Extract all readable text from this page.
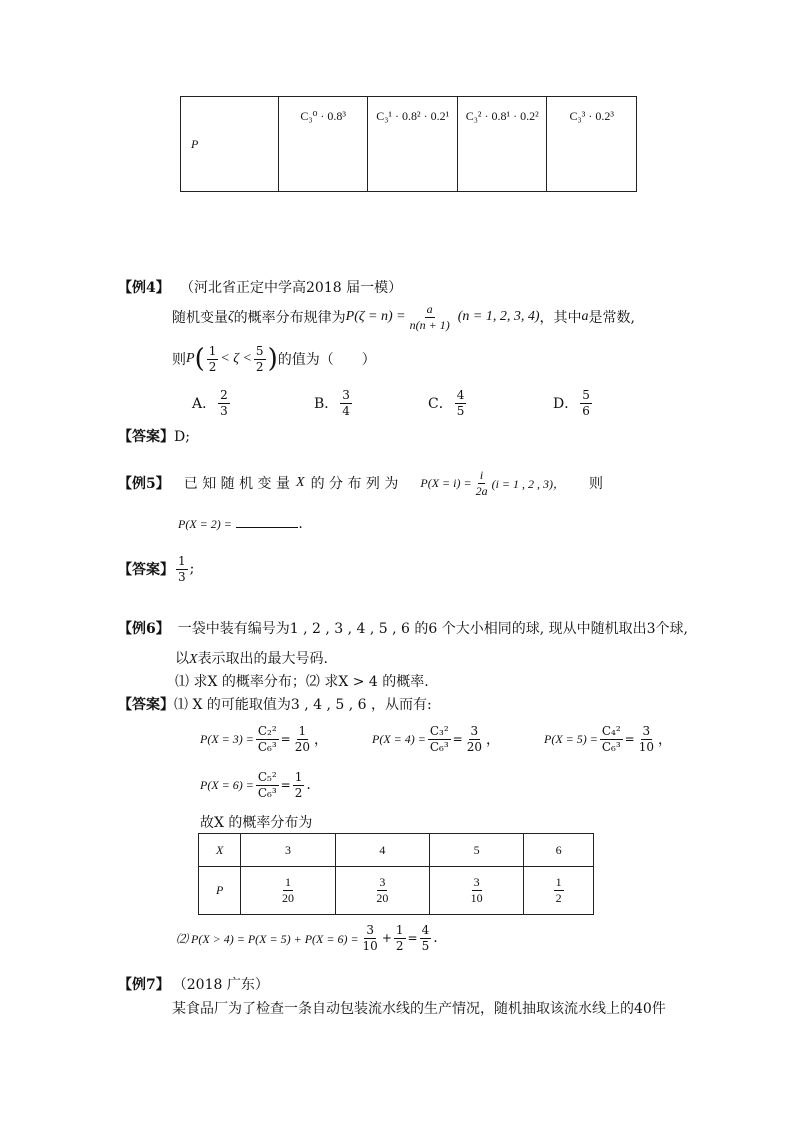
P	C₃⁰ · 0.8³	C₃¹ · 0.8² · 0.2¹	C₃² · 0.8¹ · 0.2²	C₃³ · 0.2³
【例4】 （河北省正定中学高2018 届一模）
随机变量 ζ 的概率分布规律为 $P(\zeta = n) = \frac{a}{n(n + 1)} (n = 1$, 2, 3, 4) ，其中 a 是常数,
则 P ( $\frac{1}{2} < \zeta < \frac{5}{2}$ ) 的值为（　　）
A． $\frac{2}{3}$	B． $\frac{3}{4}$	C． $\frac{4}{5}$	D． $\frac{5}{6}$
【答案】D;
【例5】 已 知 随 机 变 量 X 的 分 布 列 为 $P(X = i) = \frac{i}{2a} (i = 1$ , 2 , 3)， 则
P(X = 2) =	.
【答案】 $\frac{1}{3}$ ;
【例6】 一袋中装有编号为1 , 2 , 3 , 4 , 5 , 6 的6 个大小相同的球, 现从中随机取出3个球,
以X表示取出的最大号码.
⑴ 求X 的概率分布；⑵ 求X > 4 的概率.
【答案】⑴ X 的可能取值为3 , 4 , 5 , 6 ，从而有:
$P(X = 3) = \frac{\text{C₂²}}{\text{C₆³}} = \frac{1}{20}$ ，	$P(X = 4) = \frac{\text{C₃²}}{\text{C₆³}} = \frac{3}{20}$ ，	$P(X = 5) = \frac{\text{C₄²}}{\text{C₆³}} = \frac{3}{10}$ ，
$P(X = 6) = \frac{\text{C₅²}}{\text{C₆³}} = \frac{1}{2}$ .
故X 的概率分布为
X	3	4	5	6
P	$\frac{1}{20}$	$\frac{3}{20}$	$\frac{3}{10}$	$\frac{1}{2}$
⑵ $P(X > 4) = P(X = 5) + P(X = 6) = \frac{3}{10} + \frac{1}{2} = \frac{4}{5}$ .
【例7】 （2018 广东）
某食品厂为了检查一条自动包装流水线的生产情况，随机抽取该流水线上的40件
